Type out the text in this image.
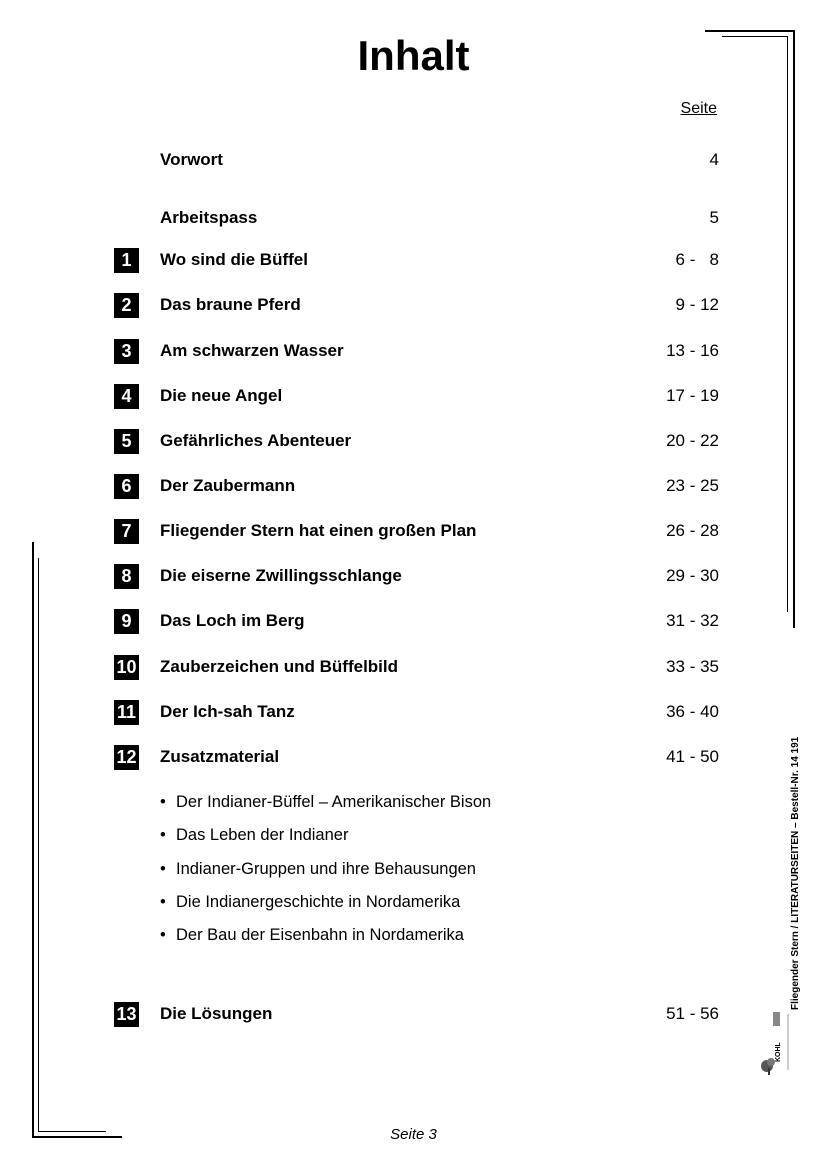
Inhalt
Seite
Vorwort	4
Arbeitspass	5
1	Wo sind die Büffel	6 -   8
2	Das braune Pferd	9 - 12
3	Am schwarzen Wasser	13 - 16
4	Die neue Angel	17 - 19
5	Gefährliches Abenteuer	20 - 22
6	Der Zaubermann	23 - 25
7	Fliegender Stern hat einen großen Plan	26 - 28
8	Die eiserne Zwillingsschlange	29 - 30
9	Das Loch im Berg	31 - 32
10 Zauberzeichen und Büffelbild	33 - 35
11 Der Ich-sah Tanz	36 - 40
12 Zusatzmaterial	41 - 50
• Der Indianer-Büffel – Amerikanischer Bison
• Das Leben der Indianer
• Indianer-Gruppen und ihre Behausungen
• Die Indianergeschichte in Nordamerika
• Der Bau der Eisenbahn in Nordamerika
13 Die Lösungen	51 - 56
Fliegender Stern / LITERATURSEITEN – Bestell-Nr. 14 191
KOHL
Seite 3
